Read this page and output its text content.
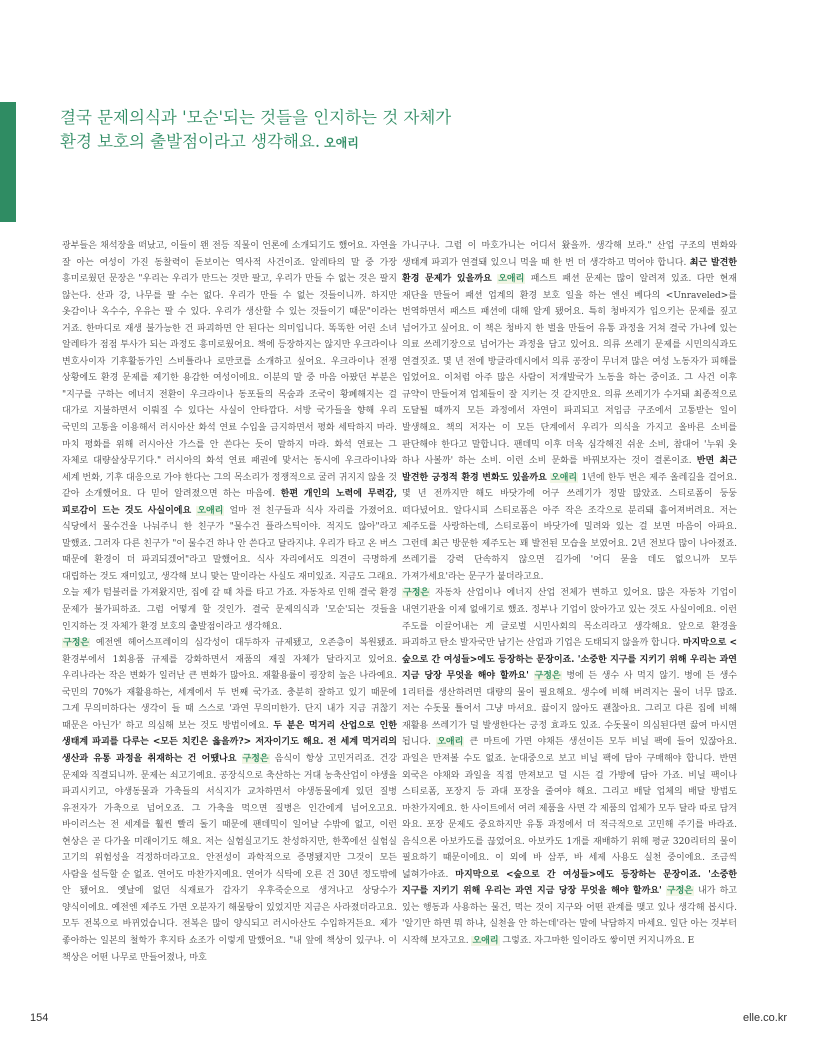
ellespecial
결국 문제의식과 '모순'되는 것들을 인지하는 것 자체가
환경 보호의 출발점이라고 생각해요. 오애리

광부들은 채석장을 떠났고, 이들이 왠 전등 직물이 언론에 소개되기도 했어요. 자연을 잘 아는 여성이 가진 동찰력이 돋보이는 역사적 사건이죠. 알레타의 말 중 가장 흥미로웠던 문장은 "우리는 우리가 만드는 것만 팔고, 우리가 만들 수 없는 것은 팔지 않는다. 산과 강, 나무를 팔 수는 없다. 우리가 만들 수 없는 것들이니까. 하지만 옷감이나 옥수수, 우유는 팔 수 있다. 우리가 생산할 수 있는 것들이기 때문"이라는 거죠. 한마디로 재생 불가능한 건 파괴하면 안 된다는 의미입니다. 똑똑한 어린 소녀 알레타가 점점 투사가 되는 과정도 흥미로웠어요. 책에 등장하지는 않지만 우크라이나 변호사이자 기후활동가인 스비틀라나 로만코를 소개하고 싶어요. 우크라이나 전쟁 상황에도 환경 문제를 제기한 용감한 여성이에요. 이분의 말 중 마음 아팠던 부분은 "지구를 구하는 에너지 전환이 우크라이나 동포들의 목숨과 조국이 황폐해지는 걸 대가로 지불하면서 이뤄질 수 있다는 사실이 안타깝다. 서방 국가들을 향해 우리 국민의 고통을 이용해서 러시아산 화석 연료 수입을 금지하면서 평화 세탁하지 마라. 마치 평화를 위해 러시아산 가스를 안 쓴다는 듯이 말하지 마라. 화석 연료는 그 자체로 대량살상무기다." 러시아의 화석 연료 패권에 맞서는 동시에 우크라이나와 세계 번화, 기후 대응으로 가야 한다는 그의 목소리가 정쟁적으로 굴러 귀지지 않을 것 같아 소개했어요. 다 믿어 알려졌으면 하는 마음에. 한편 개인의 노력에 무력감, 피로감이 드는 것도 사실이에요 오애리 얼마 전 친구들과 식사 자리를 가졌어요. 식당에서 물수건을 나눠주니 한 친구가 "물수건 플라스틱이야. 적지도 않아"라고 말했죠. 그러자 다른 친구가 "이 물수건 하나 안 쓴다고 달라지냐. 우리가 타고 온 버스 때문에 환경이 더 파괴되겠어"라고 말했어요. 식사 자리에서도 의견이 극명하게 대립하는 것도 재미있고, 생각해 보니 맞는 말이라는 사실도 재미있죠. 지금도 그래요. 오늘 제가 텀블러를 가져왔지만, 집에 갈 때 차를 타고 가죠. 자동차로 인해 결국 환경 문제가 불가피하죠. 그럼 어떻게 할 것인가. 결국 문제의식과 '모순'되는 것들을 인지하는 것 자체가 환경 보호의 출발점이라고 생각해요.

구정은 예전엔 헤어스프레이의 심각성이 대두하자 규제됐고, 오존층이 복원됐죠. 환경부에서 1회용품 규제를 강화하면서 재품의 재질 자체가 달라지고 있어요. 우리나라는 작은 변화가 일러난 큰 변화가 많아요. 재활용률이 굉장히 높은 나라예요. 국민의 70%가 재활용하는, 세계에서 두 번째 국가죠. 충분히 잘하고 있기 때문에 그게 무의미하다는 생각이 들 때 스스로 '과연 무의미한가. 단지 내가 지금 귀찮기 때문은 아닌가' 하고 의심해 보는 것도 방법이에요. 두 분은 먹거리 산업으로 인한 생태계 파괴를 다루는 <모든 치킨은 옳을까?> 저자이기도 해요. 전 세계 먹거리의 생산과 유통 과정을 취재하는 건 어땠나요 구정은 음식이 항상 고민거리죠. 건강 문제와 직결되니까. 문제는 쇠고기예요. 공장식으로 축산하는 거대 농축산업이 야생을 파괴시키고, 야생동물과 가축들의 서식지가 교차하면서 야생동물에게 있던 질병 유전자가 가축으로 넘어오죠. 그 가축을 먹으면 질병은 인간에게 넘어오고요. 바이러스는 전 세계를 훨씬 빨리 돌기 때문에 팬데믹이 일어날 수밖에 없고, 이런 현상은 곧 다가올 미래이기도 해요. 저는 실험실고기도 찬성하지만, 한쪽에선 실험실 고기의 위험성을 걱정하더라고요. 안전성이 과학적으로 증명됐지만 그것이 모든 사람을 설득할 순 없죠. 연어도 마찬가지예요. 연어가 식탁에 오른 건 30년 정도밖에 안 됐어요. 옛날에 없던 식재료가 갑자기 우후죽순으로 생겨나고 상당수가 양식이에요. 예전엔 제주도 가면 오분자기 해물탕이 있었지만 지금은 사라졌더라고요. 모두 전복으로 바뀌었습니다. 전복은 많이 양식되고 러시아산도 수입하거든요. 제가 좋아하는 일본의 철학가 후지타 쇼조가 이렇게 말했어요. "내 앞에 책상이 있구나. 이 책상은 어떤 나무로 만들어졌나, 마호

가니구나. 그럼 이 마호가니는 어디서 왔을까. 생각해 보라." 산업 구조의 변화와 생태계 파괴가 연결돼 있으니 먹을 때 한 번 더 생각하고 먹어야 합니다. 최근 발견한 환경 문제가 있을까요 오애리 패스트 패션 문제는 많이 알려져 있죠. 다만 현재 재단을 만들어 패션 업계의 환경 보호 일을 하는 엔신 베다의 <Unraveled>를 번역하면서 패스트 패션에 대해 알게 됐어요. 특히 청바지가 입으키는 문제를 짚고 넘어가고 싶어요. 이 책은 청바지 한 벌을 만들어 유통 과정을 거쳐 결국 가나에 있는 의료 쓰레기장으로 넘어가는 과정을 담고 있어요. 의류 쓰레기 문제를 시민의식과도 연결짓죠. 몇 년 전에 방글라데시에서 의류 공장이 무너져 많은 여성 노동자가 피해를 입었어요. 이처럼 아주 많은 사람이 저개발국가 노동을 하는 중이죠. 그 사건 이후 규약이 만들어져 업체들이 잘 지키는 것 같지만요. 의류 쓰레기가 수거돼 최종적으로 도달될 때까지 모든 과정에서 자연이 파괴되고 저임금 구조에서 고통받는 일이 발생해요. 책의 저자는 이 모든 단계에서 우리가 의식을 가지고 올바른 소비를 판단해야 한다고 말합니다. 팬데믹 이후 더욱 심각해진 쉬운 소비, 참대어 '누워 옷 하나 사볼까' 하는 소비. 이런 소비 문화를 바꿔보자는 것이 결론이죠. 반면 최근 발견한 긍정적 환경 변화도 있을까요 오애리 1년에 한두 번은 제주 올레길을 걸어요. 몇 년 전까지만 해도 바닷가에 어구 쓰레기가 정말 많았죠. 스티로폼이 둥둥 떠다녔어요. 알다시피 스티로폼은 아주 작은 조각으로 분리돼 흩어져버려요. 저는 제주도를 사랑하는데, 스티로폼이 바닷가에 밀려와 있는 걸 보면 마음이 아파요. 그런데 최근 방문한 제주도는 꽤 발전된 모습을 보였어요. 2년 전보다 많이 나아졌죠. 쓰레기를 강력 단속하지 않으면 길가에 '어디 묻을 데도 없으니까 모두 가져가세요'라는 문구가 붙더라고요.

구정은 자동차 산업이나 에너지 산업 전체가 변하고 있어요. 많은 자동차 기업이 내연기관을 이제 없애기로 했죠. 정부나 기업이 앉아가고 있는 것도 사실이에요. 이런 주도를 이끌어내는 게 글로벌 시민사회의 목소리라고 생각해요. 앞으로 환경을 파괴하고 탄소 발자국만 남기는 산업과 기업은 도태되지 않을까 합니다. 마지막으로 <숲으로 간 여성들>에도 등장하는 문장이죠. '소중한 지구를 지키기 위해 우리는 과연 지금 당장 무엇을 해야 할까요' 구정은 병에 든 생수 사 먹지 않기. 병에 든 생수 1리터를 생산하려면 대량의 물이 필요해요. 생수에 비해 버려지는 물이 너무 많죠. 저는 수돗물 틀어서 그냥 마셔요. 끓이지 않아도 괜찮아요. 그리고 다른 집에 비해 재활용 쓰레기가 덜 발생한다는 긍정 효과도 있죠. 수돗물이 의심된다면 끓여 마시면 됩니다. 오애리 큰 마트에 가면 야채든 생선이든 모두 비닐 팩에 들어 있잖아요. 과일은 만져볼 수도 없죠. 눈대중으로 보고 비닐 팩에 담아 구매해야 합니다. 반면 외국은 야채와 과일을 직접 만져보고 덜 시든 걸 가방에 담아 가죠. 비닐 팩이나 스티로폼, 포장지 등 과대 포장을 줄여야 해요. 그리고 배달 업체의 배달 방법도 마찬가지예요. 한 사이트에서 여러 제품을 사면 각 제품의 업체가 모두 달라 따로 담겨 와요. 포장 문제도 중요하지만 유통 과정에서 더 적극적으로 고민해 주기를 바라죠. 음식으론 아보카도를 끊었어요. 아보카도 1개를 재배하기 위해 평균 320리터의 물이 필요하기 때문이에요. 이 외에 바 삼푸, 바 세제 사용도 실천 중이에요. 조금씩 넓혀가야죠. 마지막으로 <숲으로 간 여성들>에도 등장하는 문장이죠. '소중한 지구를 지키기 위해 우리는 과연 지금 당장 무엇을 해야 할까요' 구정은 내가 하고 있는 행동과 사용하는 물건, 먹는 것이 지구와 어떤 관계를 맺고 있나 생각해 봅시다. '알기만 하면 뭐 하냐, 실천을 안 하는데'라는 말에 낙담하지 마세요. 일단 아는 것부터 시작해 보자고요. 오애리 그렇죠. 자그마한 일이라도 쌓이면 커지니까요. E

154	elle.co.kr
